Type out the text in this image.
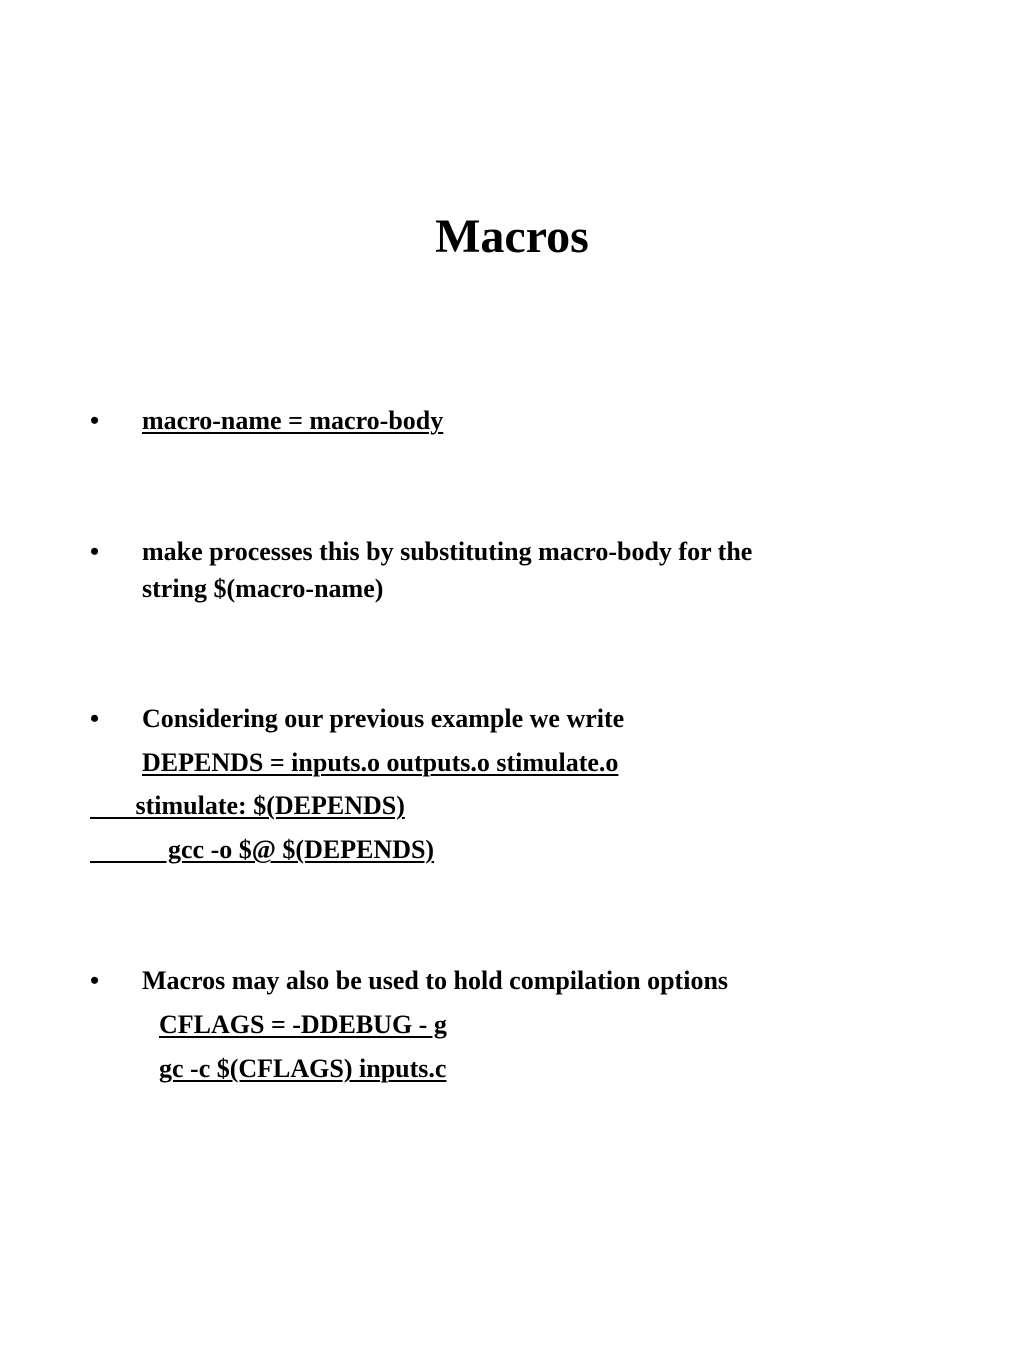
Macros
• macro-name = macro-body
• make processes this by substituting macro-body for the
string $(macro-name)
• Considering our previous example we write
DEPENDS = inputs.o outputs.o stimulate.o
stimulate: $(DEPENDS)
gcc -o $@ $(DEPENDS)
• Macros may also be used to hold compilation options
CFLAGS = -DDEBUG - g
gc -c $(CFLAGS) inputs.c
